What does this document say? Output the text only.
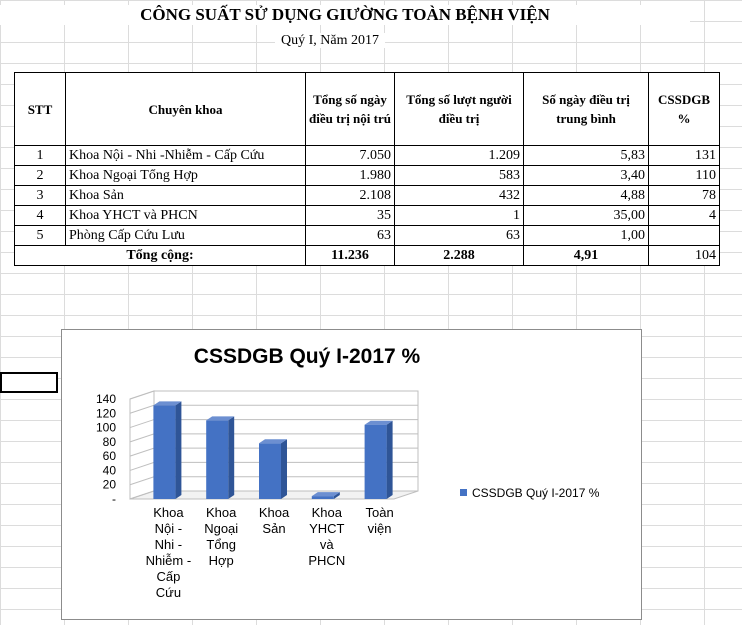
CÔNG SUẤT SỬ DỤNG GIƯỜNG TOÀN BỆNH VIỆN
Quý I, Năm 2017
STT	Chuyên khoa	Tổng số ngày điều trị nội trú	Tổng số lượt người điều trị	Số ngày điều trị trung bình	CSSDGB %
1	Khoa Nội - Nhi -Nhiễm - Cấp Cứu	7.050	1.209	5,83	131
2	Khoa Ngoại Tổng Hợp	1.980	583	3,40	110
3	Khoa Sản	2.108	432	4,88	78
4	Khoa YHCT và PHCN	35	1	35,00	4
5	Phòng Cấp Cứu Lưu	63	63	1,00	
Tổng cộng:		11.236	2.288	4,91	104
CSSDGB Quý I-2017 %
-
20
40
60
80
100
120
140
Khoa
Nội -
Nhi -
Nhiễm -
Cấp
Cứu
Khoa
Ngoại
Tổng
Hợp
Khoa
Sản
Khoa
YHCT
và
PHCN
Toàn
viện
CSSDGB Quý I-2017 %
